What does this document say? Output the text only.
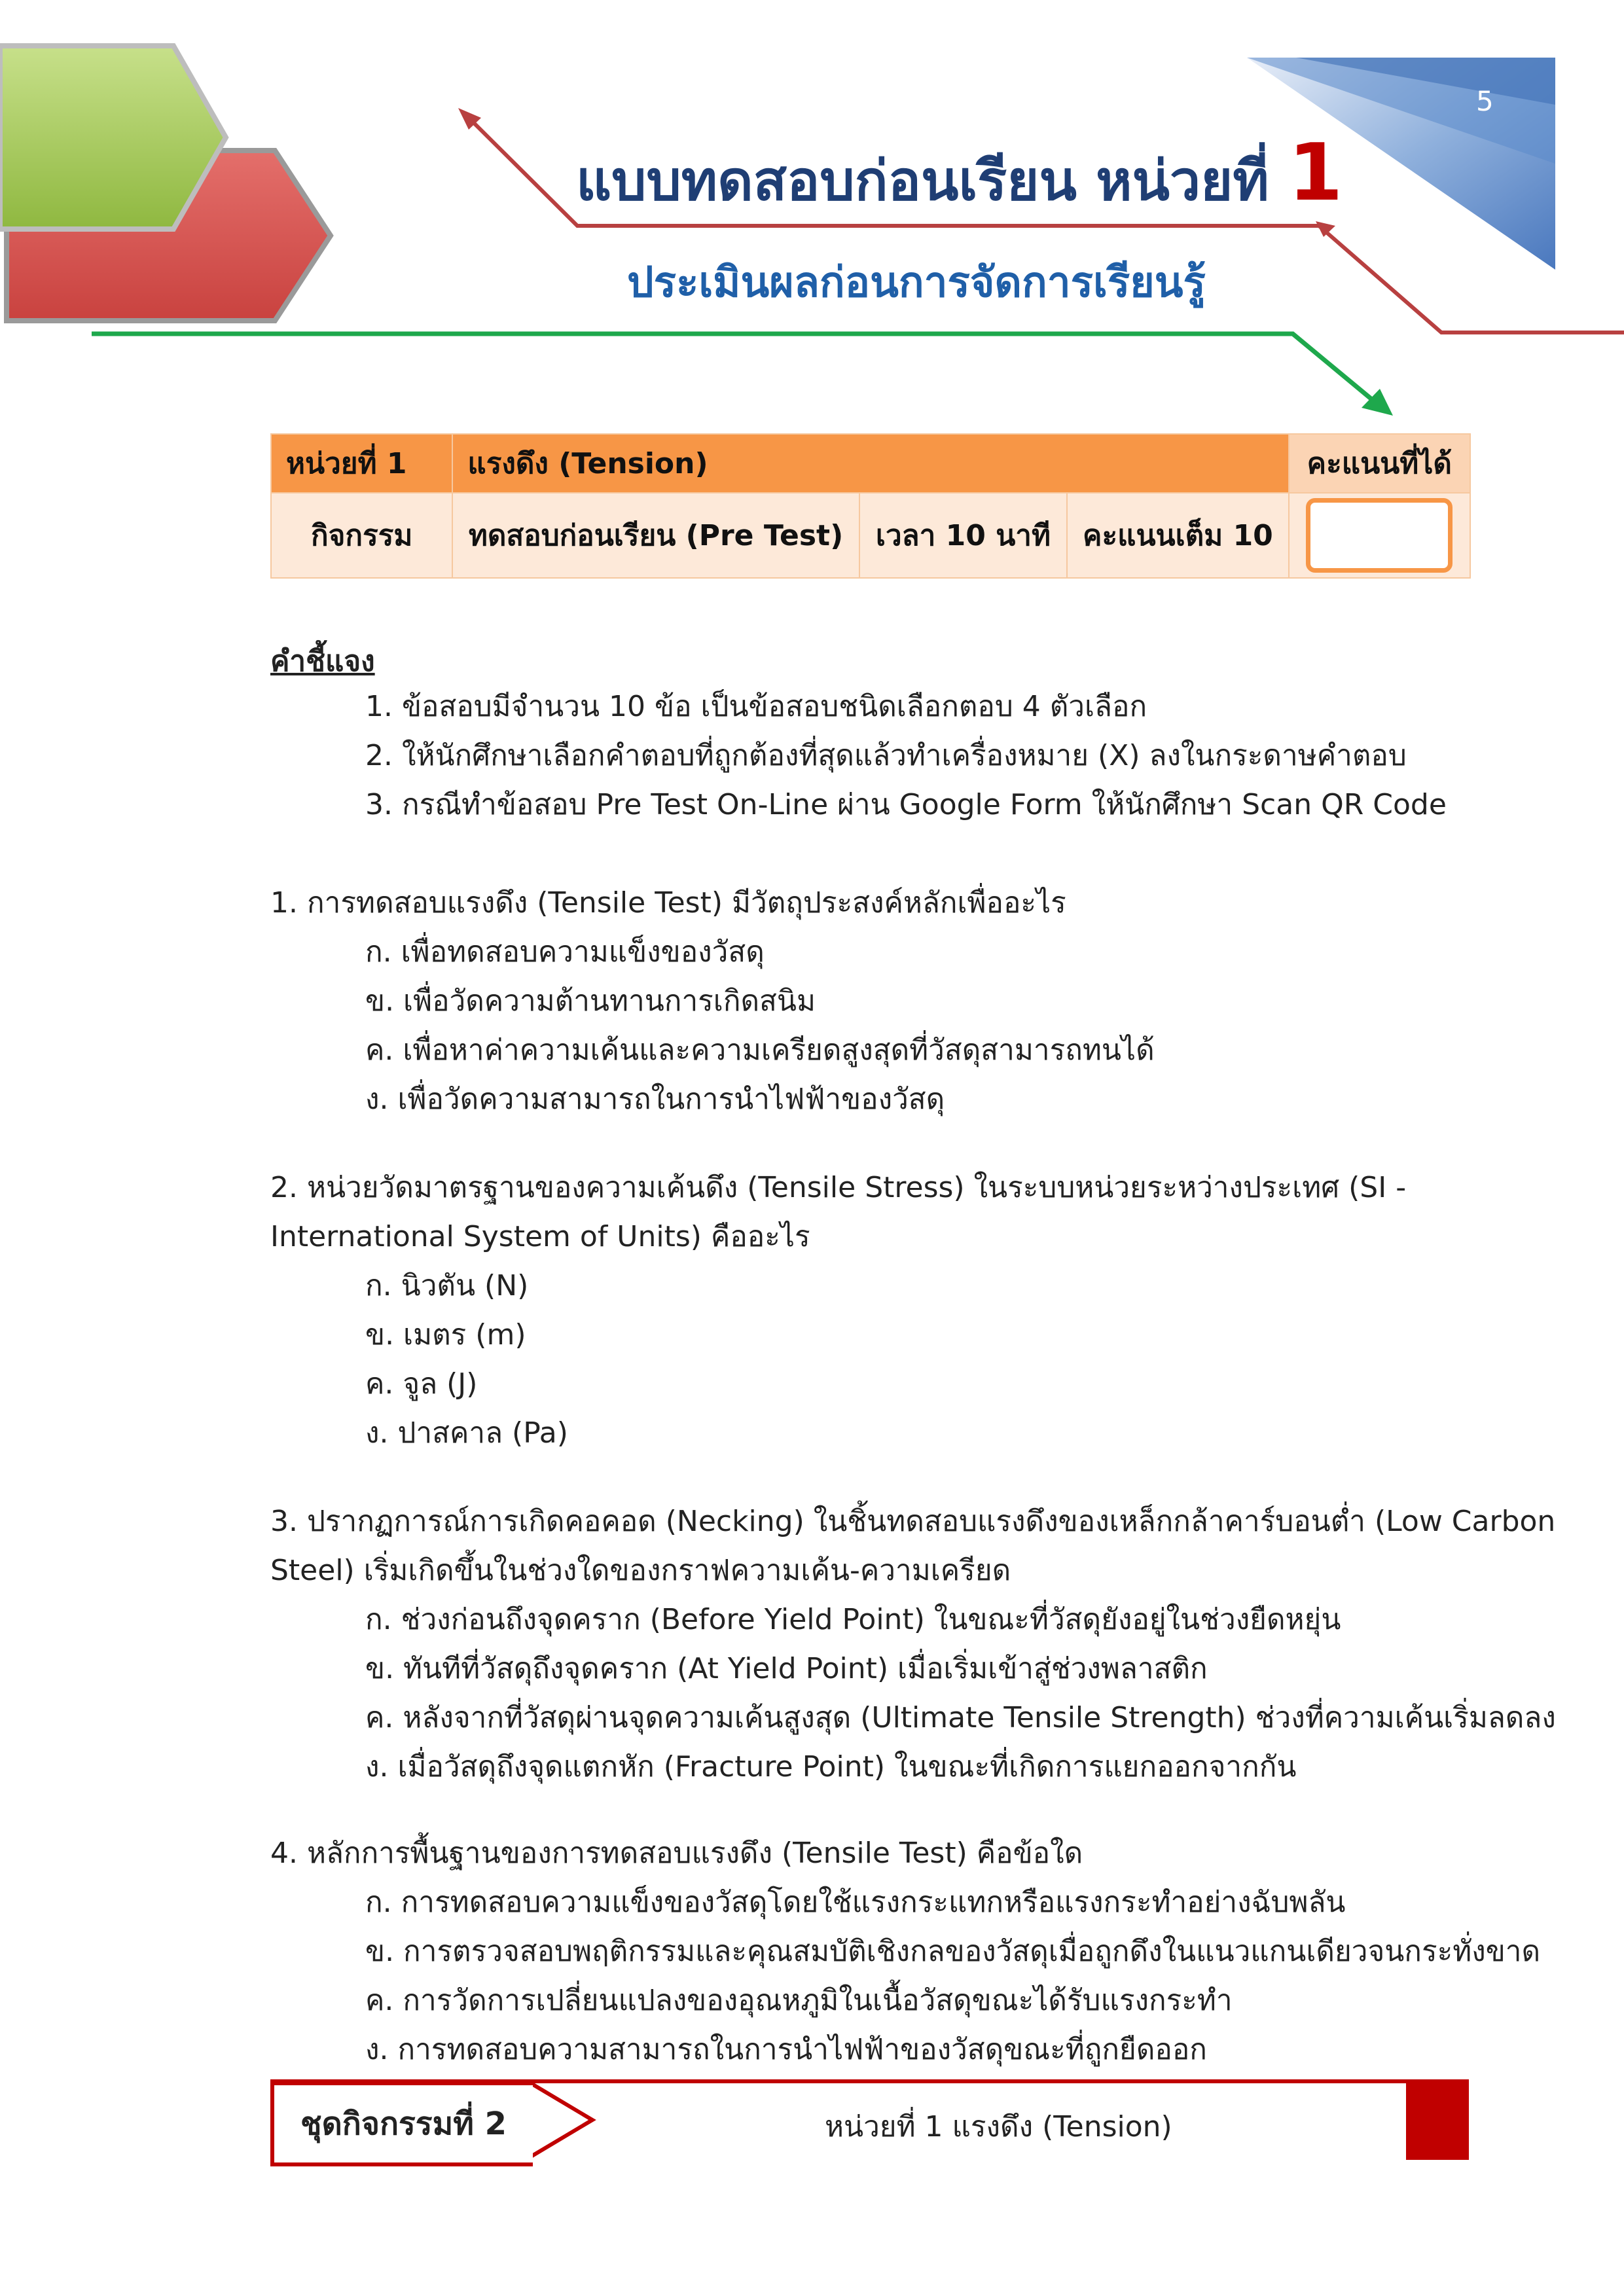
5
แบบทดสอบก่อนเรียน หน่วยที่ 1
ประเมินผลก่อนการจัดการเรียนรู้
หน่วยที่ 1	แรงดึง (Tension)			คะแนนที่ได้
กิจกรรม	ทดสอบก่อนเรียน (Pre Test)	เวลา 10 นาที	คะแนนเต็ม 10	
คำชี้แจง
1. ข้อสอบมีจำนวน 10 ข้อ เป็นข้อสอบชนิดเลือกตอบ 4 ตัวเลือก
2. ให้นักศึกษาเลือกคำตอบที่ถูกต้องที่สุดแล้วทำเครื่องหมาย (X) ลงในกระดาษคำตอบ
3. กรณีทำข้อสอบ Pre Test On-Line ผ่าน Google Form ให้นักศึกษา Scan QR Code
1. การทดสอบแรงดึง (Tensile Test) มีวัตถุประสงค์หลักเพื่ออะไร
ก. เพื่อทดสอบความแข็งของวัสดุ
ข. เพื่อวัดความต้านทานการเกิดสนิม
ค. เพื่อหาค่าความเค้นและความเครียดสูงสุดที่วัสดุสามารถทนได้
ง. เพื่อวัดความสามารถในการนำไฟฟ้าของวัสดุ
2. หน่วยวัดมาตรฐานของความเค้นดึง (Tensile Stress) ในระบบหน่วยระหว่างประเทศ (SI -
International System of Units) คืออะไร
ก. นิวตัน (N)
ข. เมตร (m)
ค. จูล (J)
ง. ปาสคาล (Pa)
3. ปรากฏการณ์การเกิดคอคอด (Necking) ในชิ้นทดสอบแรงดึงของเหล็กกล้าคาร์บอนต่ำ (Low Carbon
Steel) เริ่มเกิดขึ้นในช่วงใดของกราฟความเค้น-ความเครียด
ก. ช่วงก่อนถึงจุดคราก (Before Yield Point) ในขณะที่วัสดุยังอยู่ในช่วงยืดหยุ่น
ข. ทันทีที่วัสดุถึงจุดคราก (At Yield Point) เมื่อเริ่มเข้าสู่ช่วงพลาสติก
ค. หลังจากที่วัสดุผ่านจุดความเค้นสูงสุด (Ultimate Tensile Strength) ช่วงที่ความเค้นเริ่มลดลง
ง. เมื่อวัสดุถึงจุดแตกหัก (Fracture Point) ในขณะที่เกิดการแยกออกจากกัน
4. หลักการพื้นฐานของการทดสอบแรงดึง (Tensile Test) คือข้อใด
ก. การทดสอบความแข็งของวัสดุโดยใช้แรงกระแทกหรือแรงกระทำอย่างฉับพลัน
ข. การตรวจสอบพฤติกรรมและคุณสมบัติเชิงกลของวัสดุเมื่อถูกดึงในแนวแกนเดียวจนกระทั่งขาด
ค. การวัดการเปลี่ยนแปลงของอุณหภูมิในเนื้อวัสดุขณะได้รับแรงกระทำ
ง. การทดสอบความสามารถในการนำไฟฟ้าของวัสดุขณะที่ถูกยืดออก
ชุดกิจกรรมที่ 2	หน่วยที่ 1 แรงดึง (Tension)
